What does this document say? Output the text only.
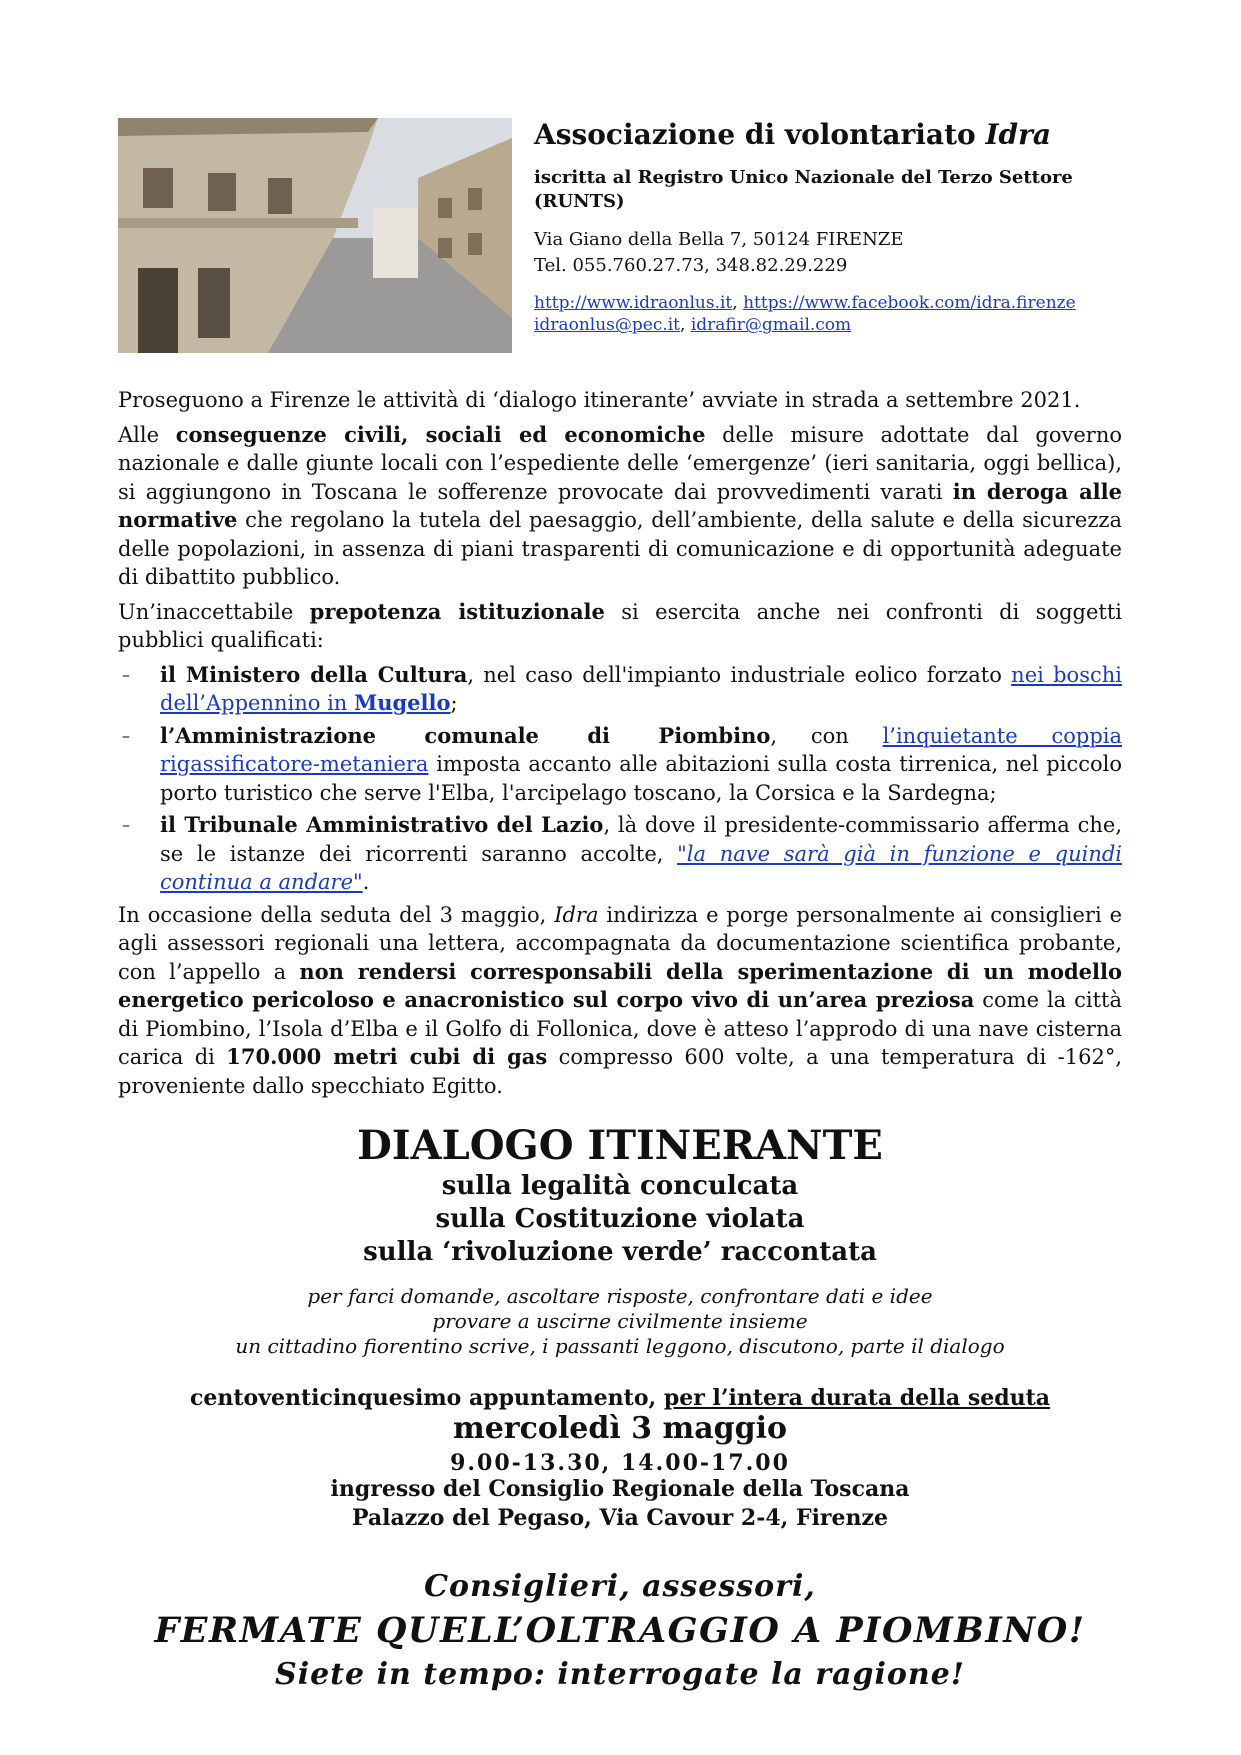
Associazione di volontariato Idra
iscritta al Registro Unico Nazionale del Terzo Settore (RUNTS)
Via Giano della Bella 7, 50124 FIRENZE
Tel. 055.760.27.73, 348.82.29.229
http://www.idraonlus.it, https://www.facebook.com/idra.firenze
idraonlus@pec.it, idrafir@gmail.com

Proseguono a Firenze le attività di ‘dialogo itinerante’ avviate in strada a settembre 2021.

Alle conseguenze civili, sociali ed economiche delle misure adottate dal governo nazionale e dalle giunte locali con l’espediente delle ‘emergenze’ (ieri sanitaria, oggi bellica), si aggiungono in Toscana le sofferenze provocate dai provvedimenti varati in deroga alle normative che regolano la tutela del paesaggio, dell’ambiente, della salute e della sicurezza delle popolazioni, in assenza di piani trasparenti di comunicazione e di opportunità adeguate di dibattito pubblico.

Un’inaccettabile prepotenza istituzionale si esercita anche nei confronti di soggetti pubblici qualificati:

– il Ministero della Cultura, nel caso dell'impianto industriale eolico forzato nei boschi dell’Appennino in Mugello;
– l’Amministrazione comunale di Piombino, con l’inquietante coppia rigassificatore-metaniera imposta accanto alle abitazioni sulla costa tirrenica, nel piccolo porto turistico che serve l'Elba, l'arcipelago toscano, la Corsica e la Sardegna;
– il Tribunale Amministrativo del Lazio, là dove il presidente-commissario afferma che, se le istanze dei ricorrenti saranno accolte, "la nave sarà già in funzione e quindi continua a andare".

In occasione della seduta del 3 maggio, Idra indirizza e porge personalmente ai consiglieri e agli assessori regionali una lettera, accompagnata da documentazione scientifica probante, con l’appello a non rendersi corresponsabili della sperimentazione di un modello energetico pericoloso e anacronistico sul corpo vivo di un’area preziosa come la città di Piombino, l’Isola d’Elba e il Golfo di Follonica, dove è atteso l’approdo di una nave cisterna carica di 170.000 metri cubi di gas compresso 600 volte, a una temperatura di -162°, proveniente dallo specchiato Egitto.

DIALOGO ITINERANTE
sulla legalità conculcata
sulla Costituzione violata
sulla ‘rivoluzione verde’ raccontata
per farci domande, ascoltare risposte, confrontare dati e idee
provare a uscirne civilmente insieme
un cittadino fiorentino scrive, i passanti leggono, discutono, parte il dialogo
centoventicinquesimo appuntamento, per l’intera durata della seduta
mercoledì 3 maggio
9.00-13.30, 14.00-17.00
ingresso del Consiglio Regionale della Toscana
Palazzo del Pegaso, Via Cavour 2-4, Firenze
Consiglieri, assessori,
FERMATE QUELL’OLTRAGGIO A PIOMBINO!
Siete in tempo: interrogate la ragione!
